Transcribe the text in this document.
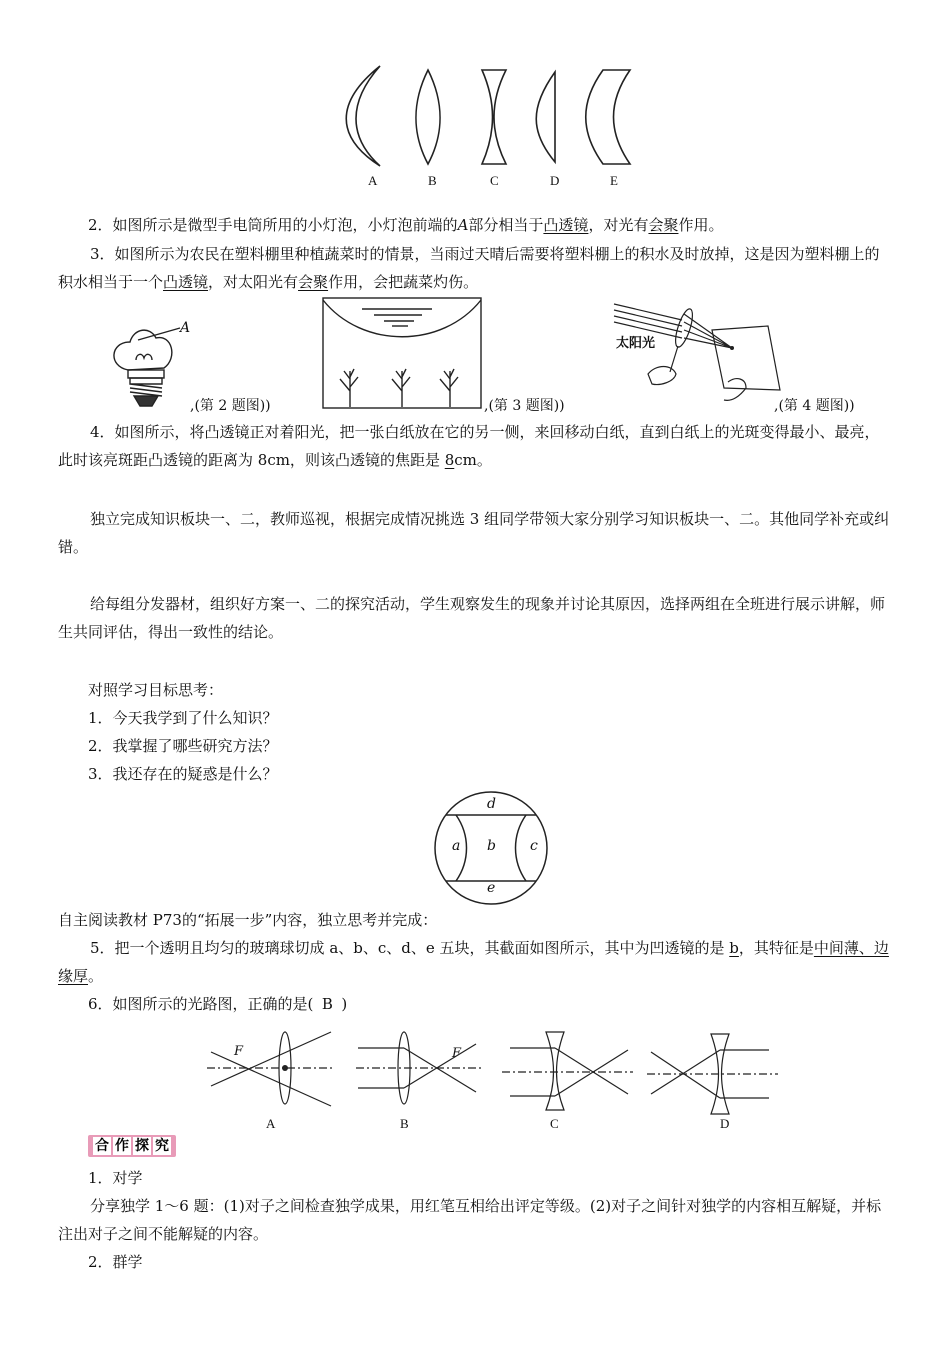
A	B	C	D	E
2．如图所示是微型手电筒所用的小灯泡，小灯泡前端的A部分相当于凸透镜，对光有会聚作用。
3．如图所示为农民在塑料棚里种植蔬菜时的情景，当雨过天晴后需要将塑料棚上的积水及时放掉，这是因为塑料棚上的积水相当于一个凸透镜，对太阳光有会聚作用，会把蔬菜灼伤。
A
,(第 2 题图))	,(第 3 题图))
太阳光
,(第 4 题图))
4．如图所示，将凸透镜正对着阳光，把一张白纸放在它的另一侧，来回移动白纸，直到白纸上的光斑变得最小、最亮，此时该亮斑距凸透镜的距离为 8cm，则该凸透镜的焦距是 8cm。
独立完成知识板块一、二，教师巡视，根据完成情况挑选 3 组同学带领大家分别学习知识板块一、二。其他同学补充或纠错。
给每组分发器材，组织好方案一、二的探究活动，学生观察发生的现象并讨论其原因，选择两组在全班进行展示讲解，师生共同评估，得出一致性的结论。
对照学习目标思考：
1．今天我学到了什么知识？
2．我掌握了哪些研究方法？
3．我还存在的疑惑是什么？
d
a b c
e
自主阅读教材 P73的“拓展一步”内容，独立思考并完成：
5．把一个透明且均匀的玻璃球切成 a、b、c、d、e 五块，其截面如图所示，其中为凹透镜的是 b，其特征是中间薄、边缘厚。
6．如图所示的光路图，正确的是( B )
F
A
F
B	C	D
合 作 探 究
1．对学
分享独学 1～6 题：(1)对子之间检查独学成果，用红笔互相给出评定等级。(2)对子之间针对独学的内容相互解疑，并标注出对子之间不能解疑的内容。
2．群学
